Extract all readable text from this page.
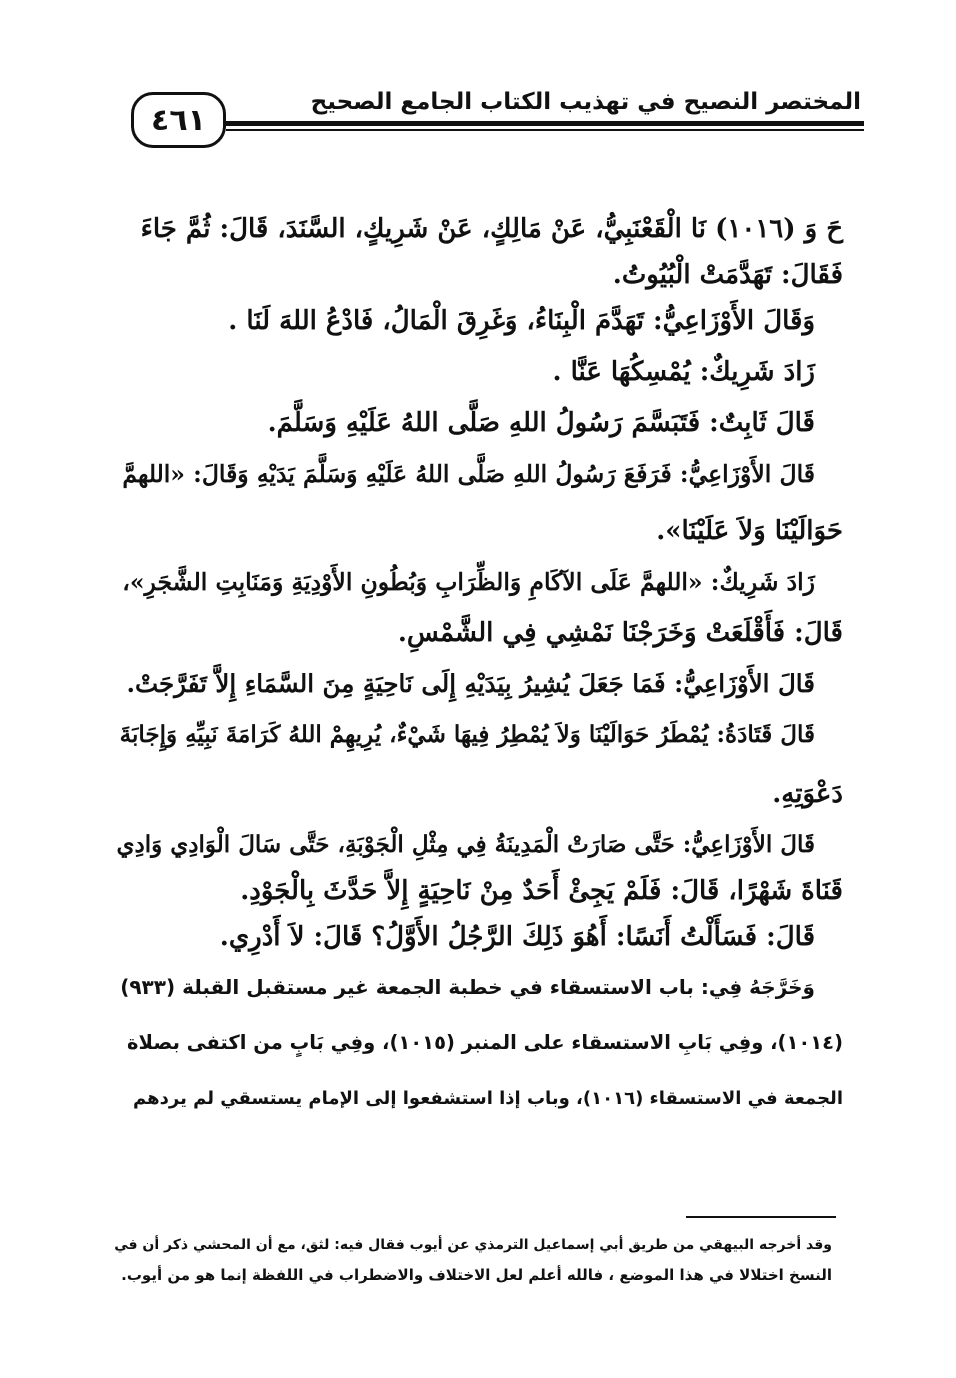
٤٦١
المختصر النصيح في تهذيب الكتاب الجامع الصحيح
حَ وَ (١٠١٦) نَا الْقَعْنَبِيُّ، عَنْ مَالِكٍ، عَنْ شَرِيكٍ، السَّنَدَ، قَالَ: ثُمَّ جَاءَ
فَقَالَ: تَهَدَّمَتْ الْبُيُوتُ.
وَقَالَ الأَوْزَاعِيُّ: تَهَدَّمَ الْبِنَاءُ، وَغَرِقَ الْمَالُ، فَادْعُ اللهَ لَنَا .
زَادَ شَرِيكٌ: يُمْسِكُهَا عَنَّا .
قَالَ ثَابِتٌ: فَتَبَسَّمَ رَسُولُ اللهِ صَلَّى اللهُ عَلَيْهِ وَسَلَّمَ.
قَالَ الأَوْزَاعِيُّ: فَرَفَعَ رَسُولُ اللهِ صَلَّى اللهُ عَلَيْهِ وَسَلَّمَ يَدَيْهِ وَقَالَ: «اللهمَّ
حَوَالَيْنَا وَلاَ عَلَيْنَا».
زَادَ شَرِيكٌ: «اللهمَّ عَلَى الآكَامِ وَالظِّرَابِ وَبُطُونِ الأَوْدِيَةِ وَمَنَابِتِ الشَّجَرِ»،
قَالَ: فَأَقْلَعَتْ وَخَرَجْنَا نَمْشِي فِي الشَّمْسِ.
قَالَ الأَوْزَاعِيُّ: فَمَا جَعَلَ يُشِيرُ بِيَدَيْهِ إِلَى نَاحِيَةٍ مِنَ السَّمَاءِ إِلاَّ تَفَرَّجَتْ.
قَالَ قَتَادَةُ: يُمْطَرُ حَوَالَيْنَا وَلاَ يُمْطِرُ فِيهَا شَيْءٌ، يُرِيهِمْ اللهُ كَرَامَةَ نَبِيِّهِ وَإِجَابَةَ
دَعْوَتِهِ.
قَالَ الأَوْزَاعِيُّ: حَتَّى صَارَتْ الْمَدِينَةُ فِي مِثْلِ الْجَوْبَةِ، حَتَّى سَالَ الْوَادِي وَادِي
قَنَاةَ شَهْرًا، قَالَ: فَلَمْ يَجِئْ أَحَدٌ مِنْ نَاحِيَةٍ إِلاَّ حَدَّثَ بِالْجَوْدِ.
قَالَ: فَسَأَلْتُ أَنَسًا: أَهُوَ ذَلِكَ الرَّجُلُ الأَوَّلُ؟ قَالَ: لاَ أَدْرِي.
وَخَرَّجَهُ فِي: باب الاستسقاء في خطبة الجمعة غير مستقبل القبلة (٩٣٣)
(١٠١٤)، وفِي بَابِ الاستسقاء على المنبر (١٠١٥)، وفِي بَابٍ من اكتفى بصلاة
الجمعة في الاستسقاء (١٠١٦)، وباب إذا استشفعوا إلى الإمام يستسقي لم يردهم
وقد أخرجه البيهقي من طريق أبي إسماعيل الترمذي عن أيوب فقال فيه: لثق، مع أن المحشي ذكر أن في
النسخ اختلالا في هذا الموضع ، فالله أعلم لعل الاختلاف والاضطراب في اللفظة إنما هو من أيوب.
